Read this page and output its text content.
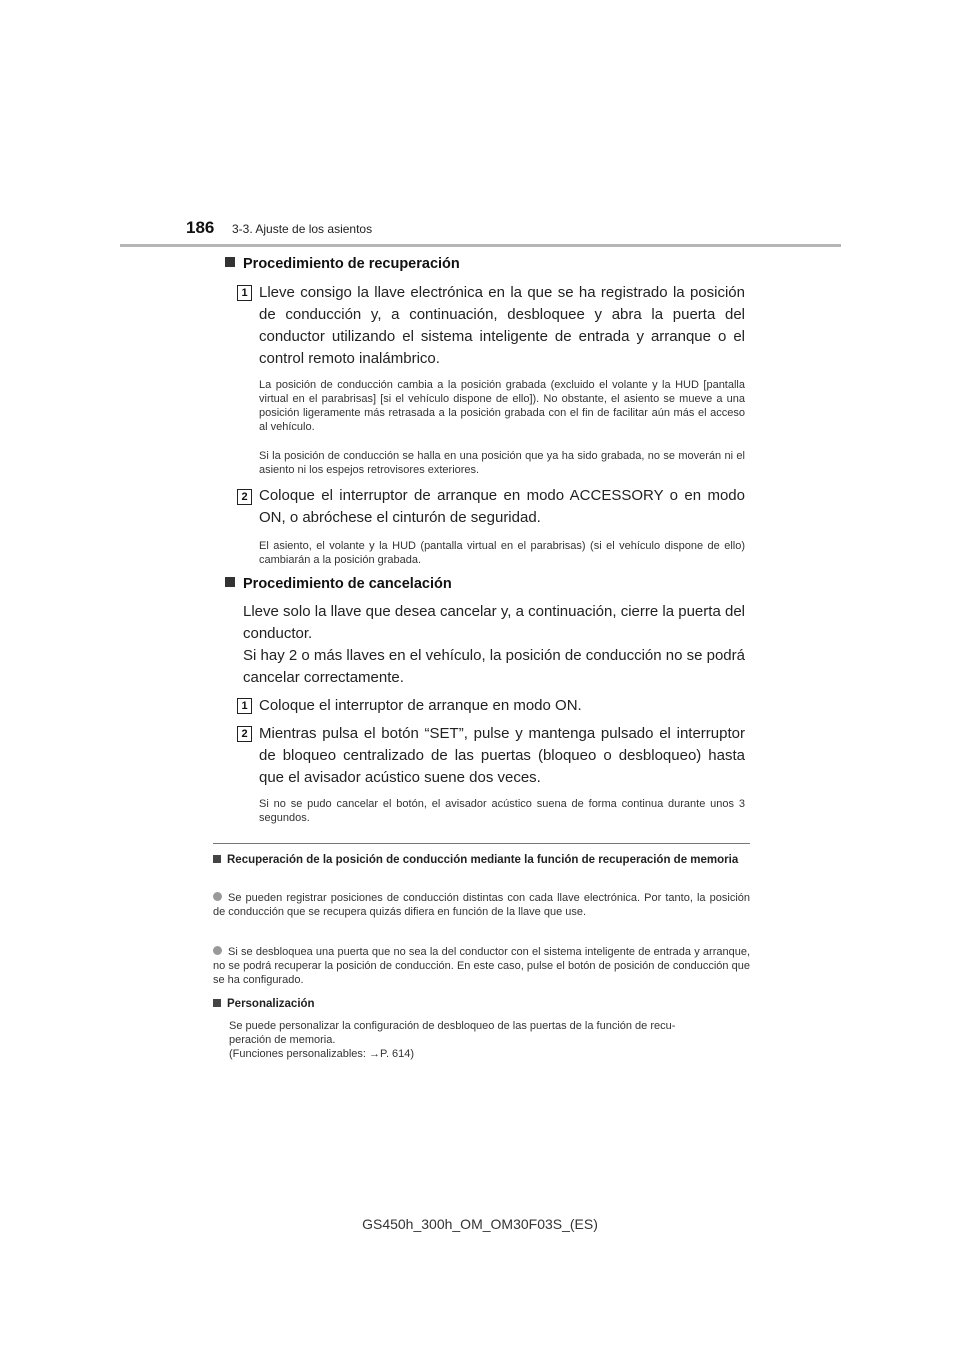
186 3-3. Ajuste de los asientos
Procedimiento de recuperación
1 Lleve consigo la llave electrónica en la que se ha registrado la posición de conducción y, a continuación, desbloquee y abra la puerta del conductor utilizando el sistema inteligente de entrada y arranque o el control remoto inalámbrico.
La posición de conducción cambia a la posición grabada (excluido el volante y la HUD [pantalla virtual en el parabrisas] [si el vehículo dispone de ello]). No obstante, el asiento se mueve a una posición ligeramente más retrasada a la posición grabada con el fin de facilitar aún más el acceso al vehículo.
Si la posición de conducción se halla en una posición que ya ha sido grabada, no se moverán ni el asiento ni los espejos retrovisores exteriores.
2 Coloque el interruptor de arranque en modo ACCESSORY o en modo ON, o abróchese el cinturón de seguridad.
El asiento, el volante y la HUD (pantalla virtual en el parabrisas) (si el vehículo dispone de ello) cambiarán a la posición grabada.
Procedimiento de cancelación
Lleve solo la llave que desea cancelar y, a continuación, cierre la puerta del conductor.
Si hay 2 o más llaves en el vehículo, la posición de conducción no se podrá cancelar correctamente.
1 Coloque el interruptor de arranque en modo ON.
2 Mientras pulsa el botón “SET”, pulse y mantenga pulsado el interruptor de bloqueo centralizado de las puertas (bloqueo o desbloqueo) hasta que el avisador acústico suene dos veces.
Si no se pudo cancelar el botón, el avisador acústico suena de forma continua durante unos 3 segundos.
Recuperación de la posición de conducción mediante la función de recuperación de memoria
Se pueden registrar posiciones de conducción distintas con cada llave electrónica. Por tanto, la posición de conducción que se recupera quizás difiera en función de la llave que use.
Si se desbloquea una puerta que no sea la del conductor con el sistema inteligente de entrada y arranque, no se podrá recuperar la posición de conducción. En este caso, pulse el botón de posición de conducción que se ha configurado.
Personalización
Se puede personalizar la configuración de desbloqueo de las puertas de la función de recu-
peración de memoria.
(Funciones personalizables: →P. 614)
GS450h_300h_OM_OM30F03S_(ES)
